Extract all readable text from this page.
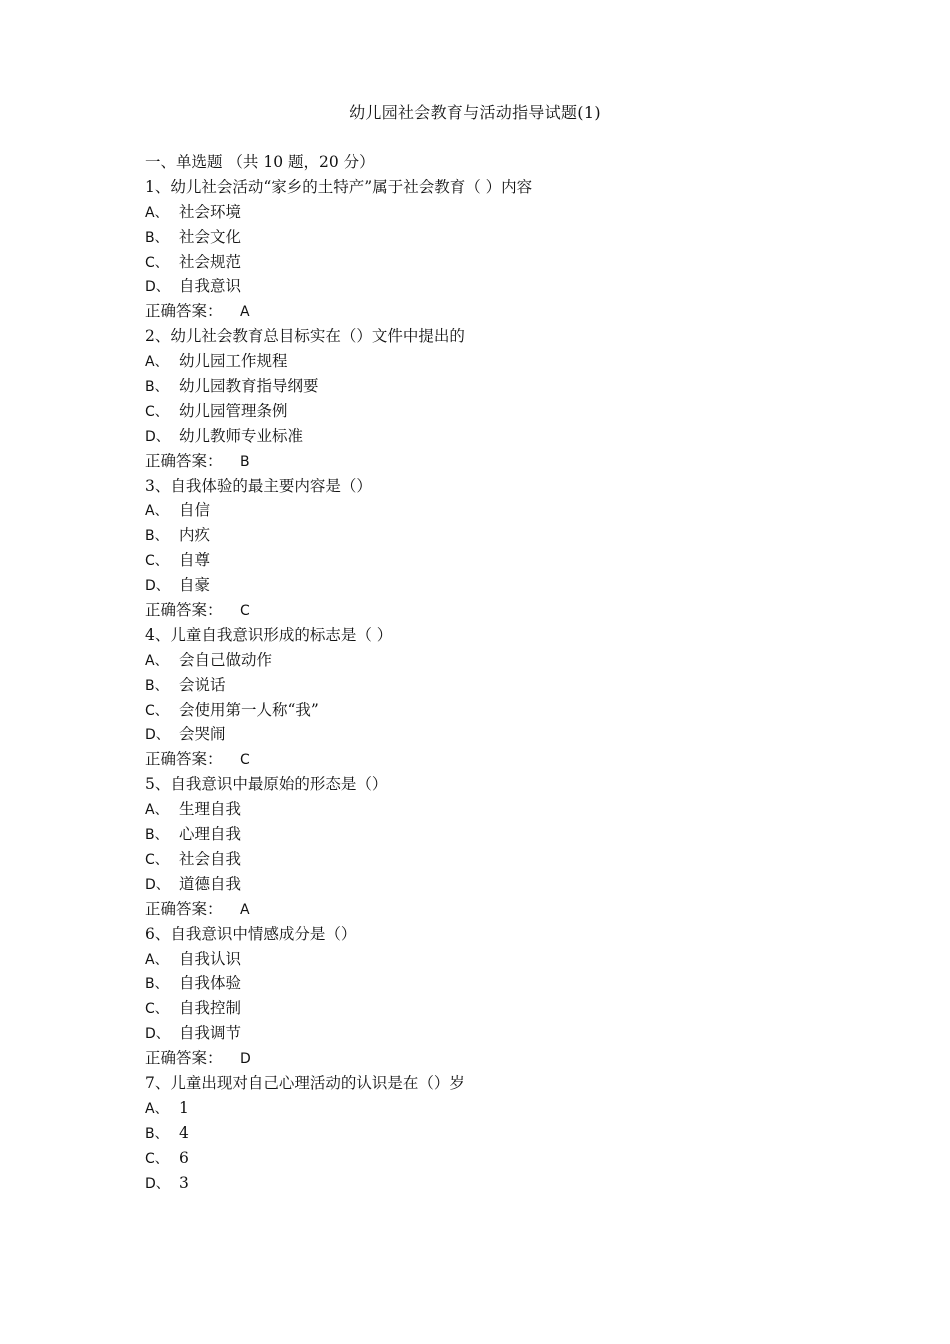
幼儿园社会教育与活动指导试题(1)
一、单选题 （共 10 题，20 分）
1、幼儿社会活动“家乡的土特产”属于社会教育（ ）内容
A、 社会环境
B、 社会文化
C、 社会规范
D、 自我意识
正确答案： A
2、幼儿社会教育总目标实在（）文件中提出的
A、 幼儿园工作规程
B、 幼儿园教育指导纲要
C、 幼儿园管理条例
D、 幼儿教师专业标准
正确答案： B
3、自我体验的最主要内容是（）
A、 自信
B、 内疚
C、 自尊
D、 自豪
正确答案： C
4、儿童自我意识形成的标志是（ ）
A、 会自己做动作
B、 会说话
C、 会使用第一人称“我”
D、 会哭闹
正确答案： C
5、自我意识中最原始的形态是（）
A、 生理自我
B、 心理自我
C、 社会自我
D、 道德自我
正确答案： A
6、自我意识中情感成分是（）
A、 自我认识
B、 自我体验
C、 自我控制
D、 自我调节
正确答案： D
7、儿童出现对自己心理活动的认识是在（）岁
A、 1
B、 4
C、 6
D、 3
